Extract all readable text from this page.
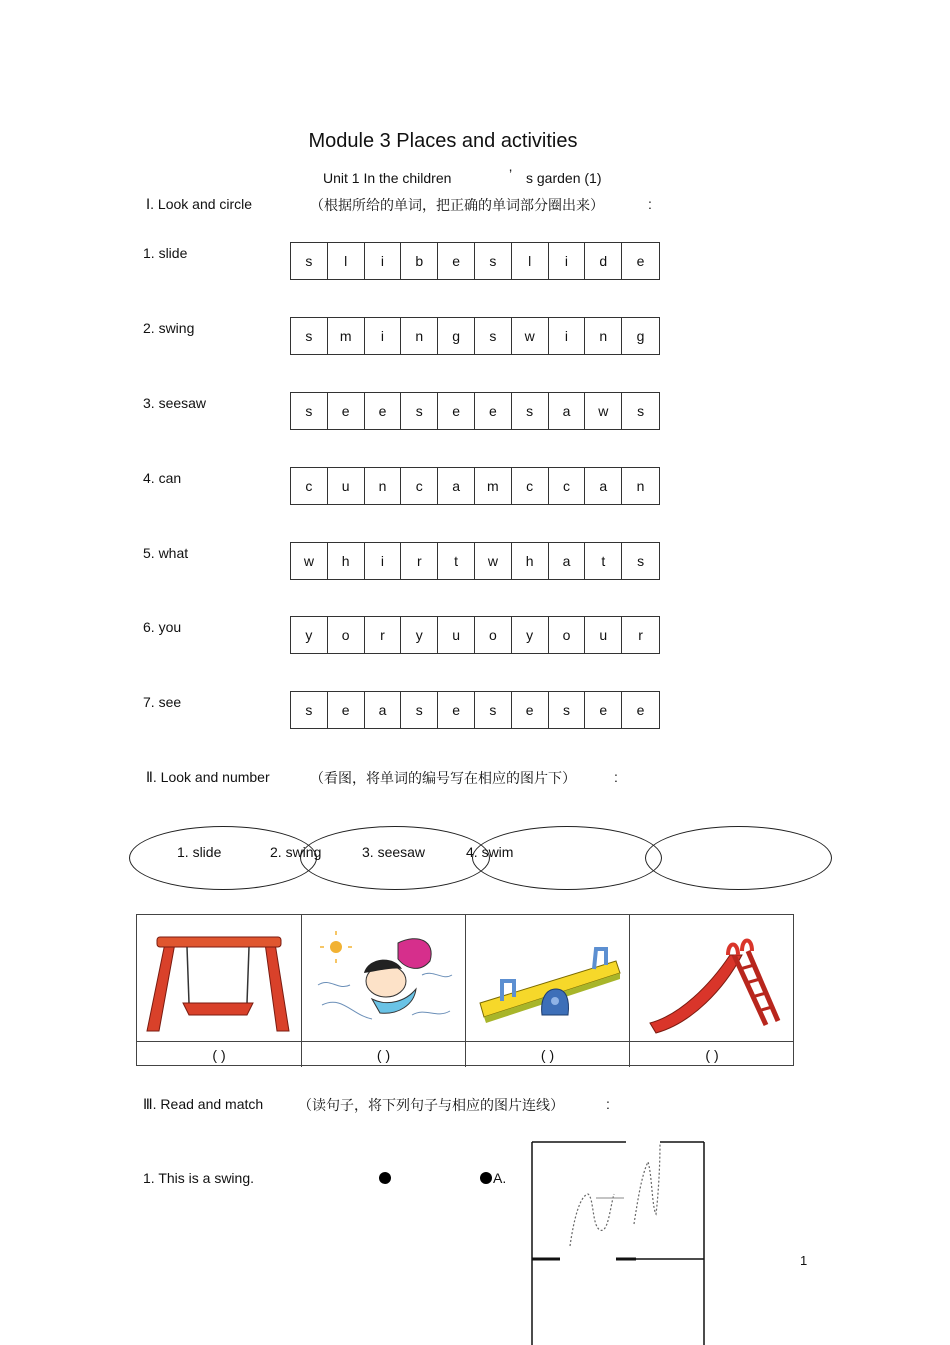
Module 3 Places and activities
Unit 1 In the children	’ s garden (1)
Ⅰ. Look and circle	（根据所给的单词，把正确的单词部分圈出来）	:
1. slide	s	l	i	b	e	s	l	i	d	e
2. swing	s	m	i	n	g	s	w	i	n	g
3. seesaw	s	e	e	s	e	e	s	a	w	s
4. can	c	u	n	c	a	m	c	c	a	n
5. what	w	h	i	r	t	w	h	a	t	s
6. you	y	o	r	y	u	o	y	o	u	r
7. see	s	e	a	s	e	s	e	s	e	e
Ⅱ. Look and number	（看图，将单词的编号写在相应的图片下）	:
1. slide	2. swing	3. seesaw	4. swim
( )	( )	( )	( )
Ⅲ. Read and match （读句子，将下列句子与相应的图片连线）	:
1. This is a swing.	A.
1
